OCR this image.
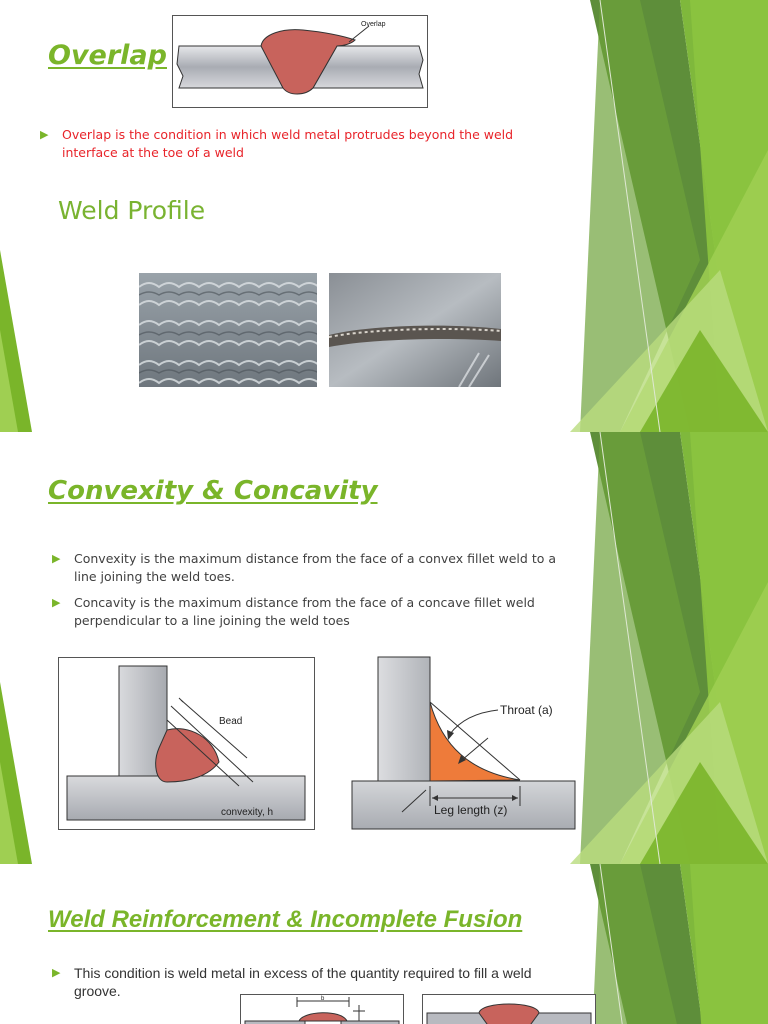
Overlap
Overlap
▶	Overlap is the condition in which weld metal protrudes beyond the weld interface at the toe of a weld
Weld Profile
Convexity & Concavity
▶	Convexity is the maximum distance from the face of a convex fillet weld to a line joining the weld toes.
▶	Concavity is the maximum distance from the face of a concave fillet weld perpendicular to a line joining the weld toes
Bead
convexity, h
Throat (a)
Leg length (z)
Weld Reinforcement & Incomplete Fusion
▶ This condition is weld metal in excess of the quantity required to fill a weld groove.	b
